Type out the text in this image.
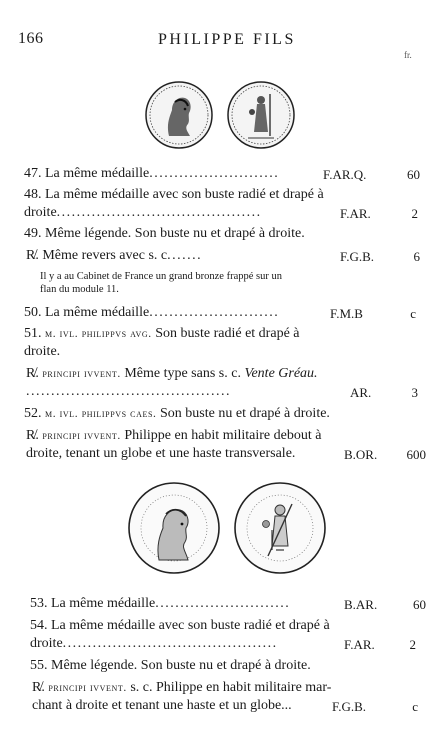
166	PHILIPPE FILS
fr.
47. La même médaille..........................	F.AR.Q.	60
48. La même médaille avec son buste radié et drapé à
droite.........................................	F.AR.	2
49. Même légende. Son buste nu et drapé à droite.
R̸. Même revers avec s. c.......	F.G.B.	6
Il y a au Cabinet de France un grand bronze frappé sur un
flan du module 11.
50. La même médaille..........................	F.M.B	c
51. m. ivl. philippvs avg. Son buste radié et drapé à
droite.
R̸. principi ivvent. Même type sans s. c. Vente Gréau.
.........................................	AR.	3
52. m. ivl. philippvs caes. Son buste nu et drapé à droite.
R̸. principi ivvent. Philippe en habit militaire debout à
droite, tenant un globe et une haste transversale.	B.OR.	600
53. La même médaille...........................	B.AR.	60
54. La même médaille avec son buste radié et drapé à
droite...........................................	F.AR.	2
55. Même légende. Son buste nu et drapé à droite.
R̸. principi ivvent. s. c. Philippe en habit militaire mar-
chant à droite et tenant une haste et un globe...	F.G.B.	c
